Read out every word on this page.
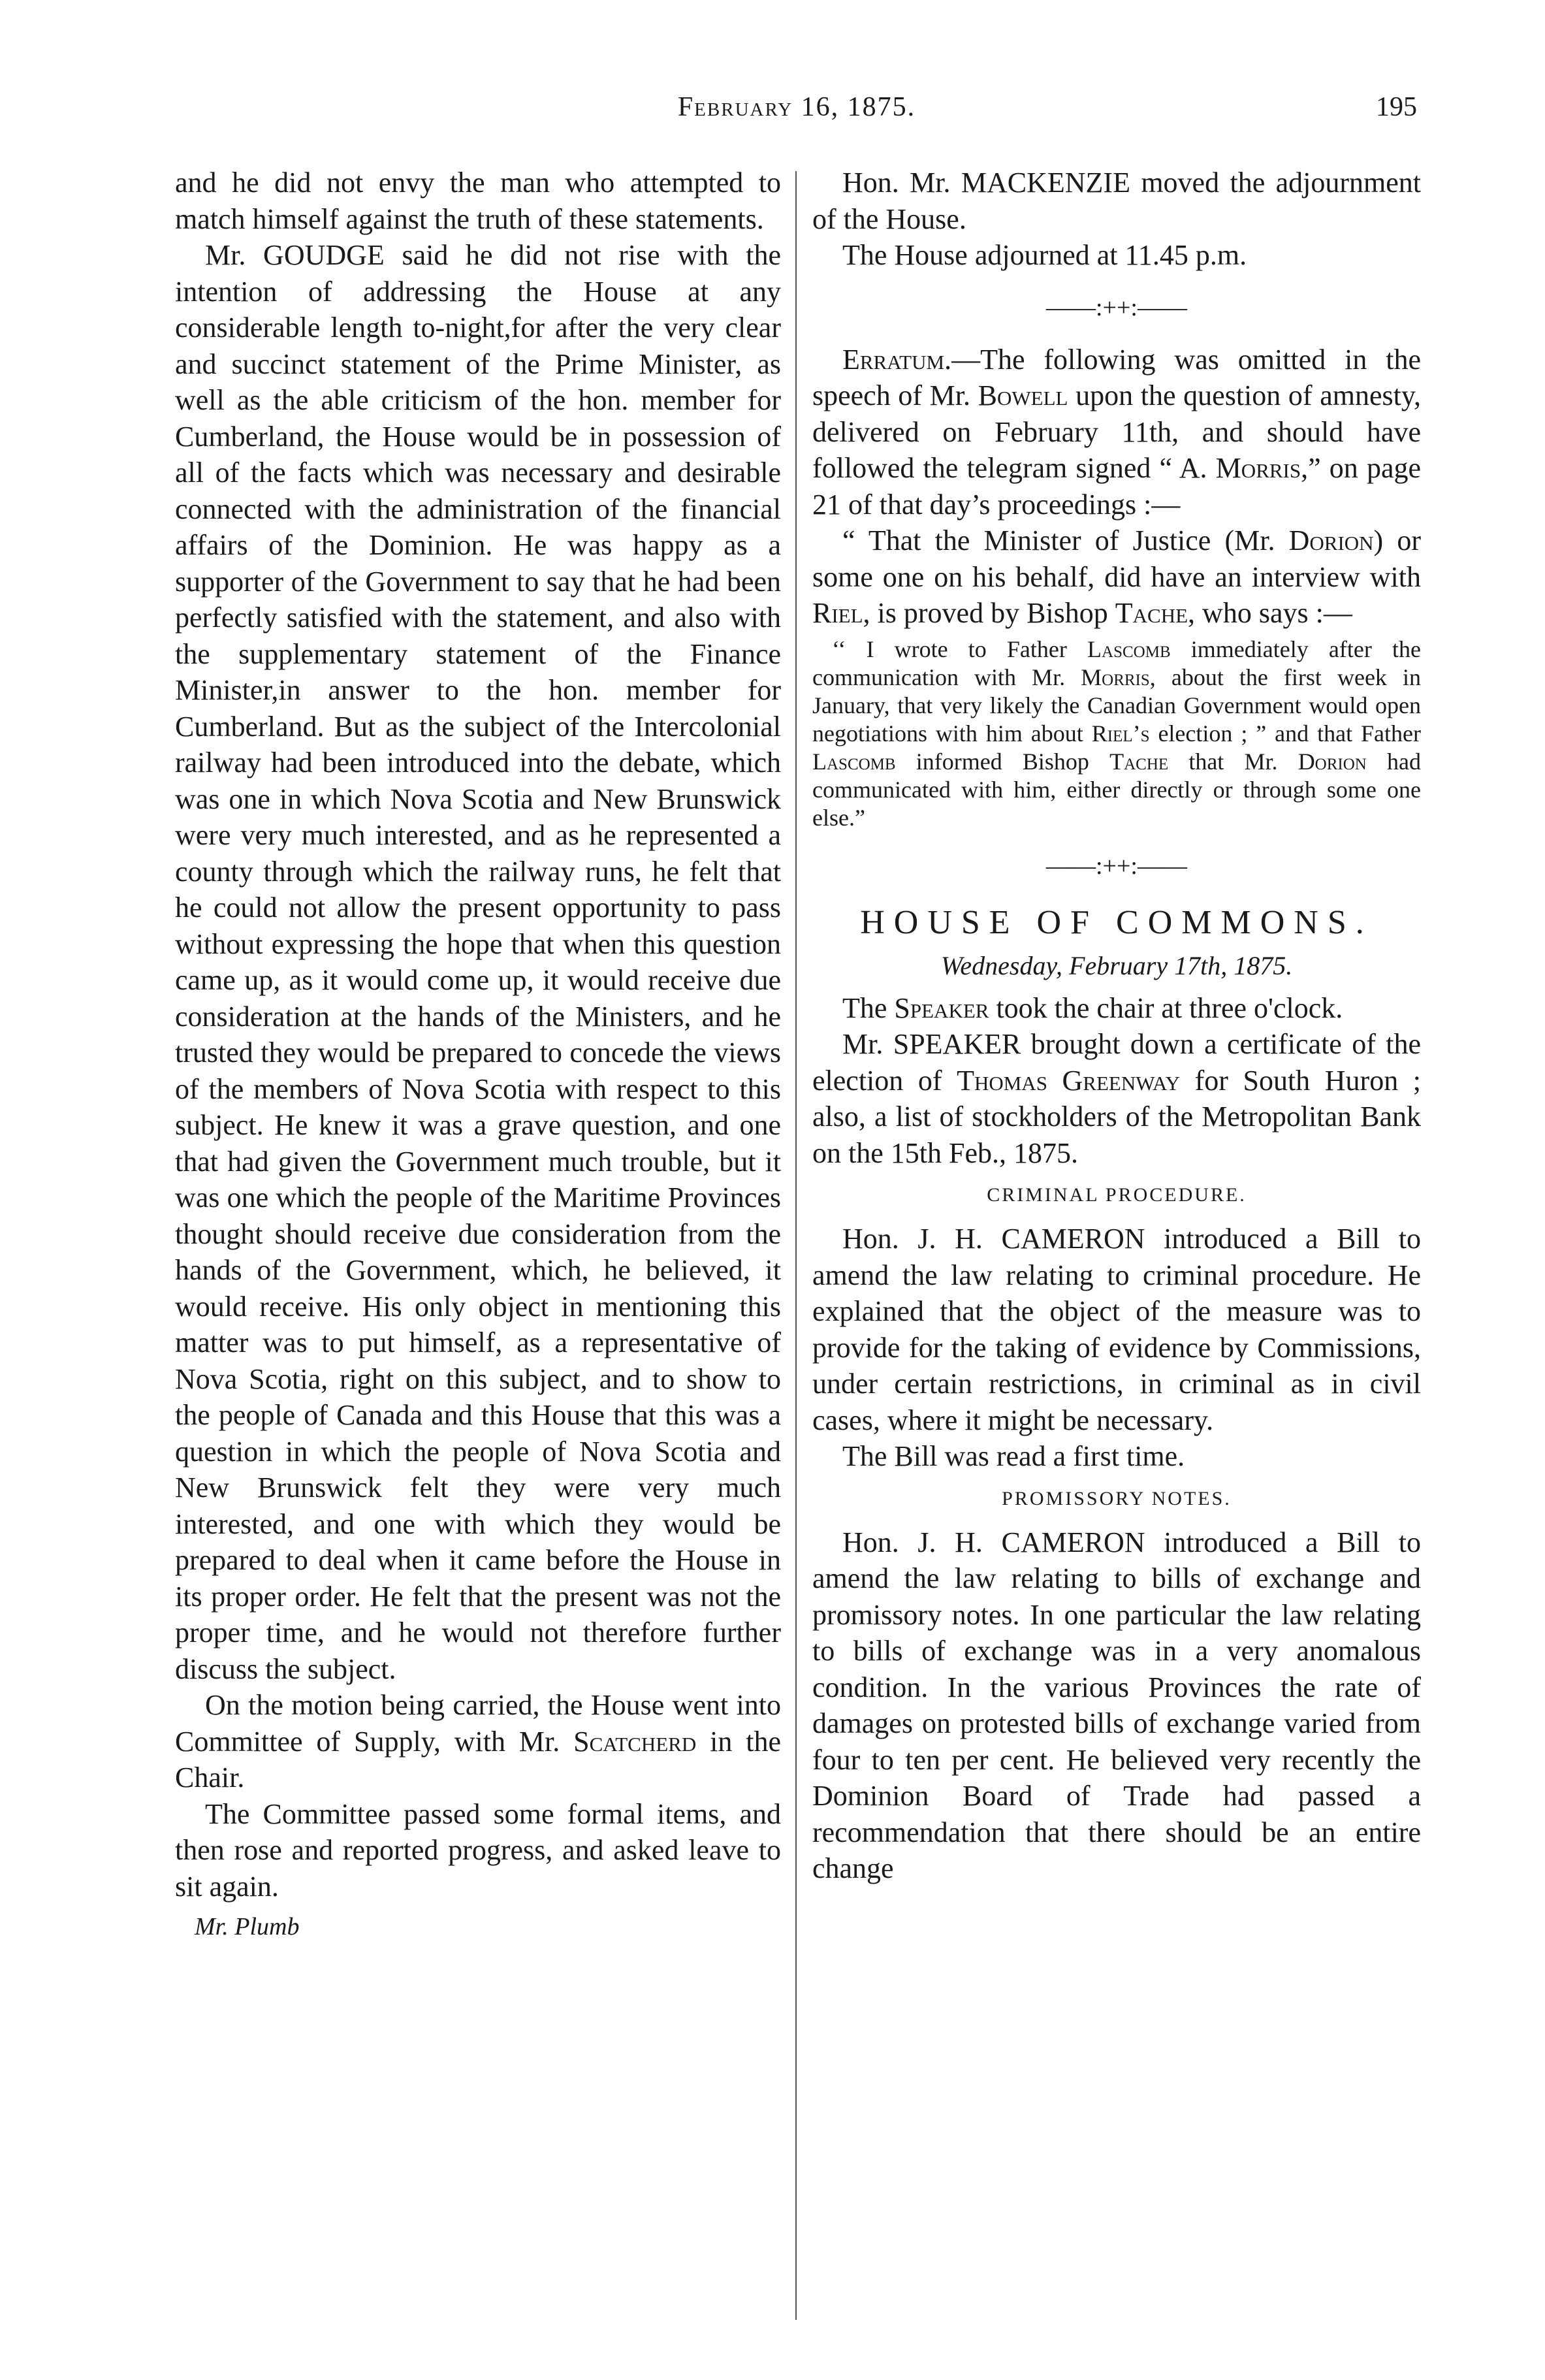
February 16, 1875.	195

and he did not envy the man who attempted to match himself against the truth of these statements.

Mr. GOUDGE said he did not rise with the intention of addressing the House at any considerable length to-night,for after the very clear and succinct statement of the Prime Minister, as well as the able criticism of the hon. member for Cumberland, the House would be in possession of all of the facts which was necessary and desirable connected with the administration of the financial affairs of the Dominion. He was happy as a supporter of the Government to say that he had been perfectly satisfied with the statement, and also with the supplementary statement of the Finance Minister,in answer to the hon. member for Cumberland. But as the subject of the Intercolonial railway had been introduced into the debate, which was one in which Nova Scotia and New Brunswick were very much interested, and as he represented a county through which the railway runs, he felt that he could not allow the present opportunity to pass without expressing the hope that when this question came up, as it would come up, it would receive due consideration at the hands of the Ministers, and he trusted they would be prepared to concede the views of the members of Nova Scotia with respect to this subject. He knew it was a grave question, and one that had given the Government much trouble, but it was one which the people of the Maritime Provinces thought should receive due consideration from the hands of the Government, which, he believed, it would receive. His only object in mentioning this matter was to put himself, as a representative of Nova Scotia, right on this subject, and to show to the people of Canada and this House that this was a question in which the people of Nova Scotia and New Brunswick felt they were very much interested, and one with which they would be prepared to deal when it came before the House in its proper order. He felt that the present was not the proper time, and he would not therefore further discuss the subject.

On the motion being carried, the House went into Committee of Supply, with Mr. Scatcherd in the Chair.

The Committee passed some formal items, and then rose and reported progress, and asked leave to sit again.

Mr. Plumb

Hon. Mr. MACKENZIE moved the adjournment of the House.

The House adjourned at 11.45 p.m.

——:++:——

Erratum.—The following was omitted in the speech of Mr. Bowell upon the question of amnesty, delivered on February 11th, and should have followed the telegram signed “ A. Morris,” on page 21 of that day’s proceedings :—

“ That the Minister of Justice (Mr. Dorion) or some one on his behalf, did have an interview with Riel, is proved by Bishop Tache, who says :—

‘‘ I wrote to Father Lascomb immediately after the communication with Mr. Morris, about the first week in January, that very likely the Canadian Government would open negotiations with him about Riel’s election ; ” and that Father Lascomb informed Bishop Tache that Mr. Dorion had communicated with him, either directly or through some one else.”

——:++:——
HOUSE OF COMMONS.
Wednesday, February 17th, 1875.

The Speaker took the chair at three o'clock.

Mr. SPEAKER brought down a certificate of the election of Thomas Greenway for South Huron ; also, a list of stockholders of the Metropolitan Bank on the 15th Feb., 1875.

CRIMINAL PROCEDURE.

Hon. J. H. CAMERON introduced a Bill to amend the law relating to criminal procedure. He explained that the object of the measure was to provide for the taking of evidence by Commissions, under certain restrictions, in criminal as in civil cases, where it might be necessary.

The Bill was read a first time.

PROMISSORY NOTES.

Hon. J. H. CAMERON introduced a Bill to amend the law relating to bills of exchange and promissory notes. In one particular the law relating to bills of exchange was in a very anomalous condition. In the various Provinces the rate of damages on protested bills of exchange varied from four to ten per cent. He believed very recently the Dominion Board of Trade had passed a recommendation that there should be an entire change
